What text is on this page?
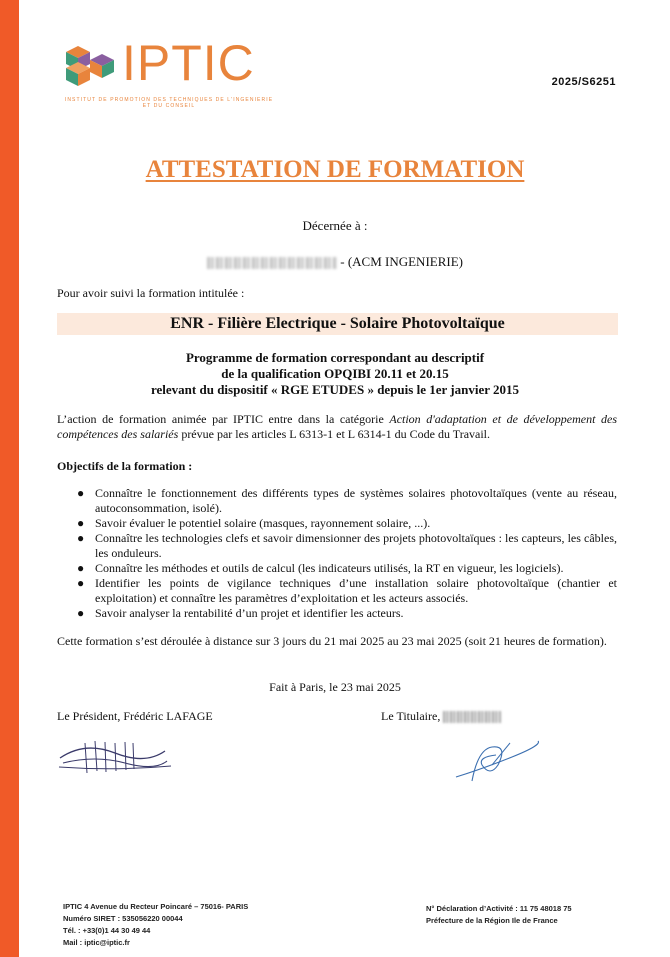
IPTIC
INSTITUT DE PROMOTION DES TECHNIQUES DE L'INGENIERIE ET DU CONSEIL
2025/S6251
ATTESTATION DE FORMATION
Décernée à :
- (ACM INGENIERIE)
Pour avoir suivi la formation intitulée :
ENR - Filière Electrique - Solaire Photovoltaïque
Programme de formation correspondant au descriptif
de la qualification OPQIBI 20.11 et 20.15
relevant du dispositif « RGE ETUDES » depuis le 1er janvier 2015
L’action de formation animée par IPTIC entre dans la catégorie Action d'adaptation et de développement des compétences des salariés prévue par les articles L 6313-1 et L 6314-1 du Code du Travail.
Objectifs de la formation :
● Connaître le fonctionnement des différents types de systèmes solaires photovoltaïques (vente au réseau, autoconsommation, isolé).
● Savoir évaluer le potentiel solaire (masques, rayonnement solaire, ...).
● Connaître les technologies clefs et savoir dimensionner des projets photovoltaïques : les capteurs, les câbles, les onduleurs.
● Connaître les méthodes et outils de calcul (les indicateurs utilisés, la RT en vigueur, les logiciels).
● Identifier les points de vigilance techniques d’une installation solaire photovoltaïque (chantier et exploitation) et connaître les paramètres d’exploitation et les acteurs associés.
● Savoir analyser la rentabilité d’un projet et identifier les acteurs.
Cette formation s’est déroulée à distance sur 3 jours du 21 mai 2025 au 23 mai 2025 (soit 21 heures de formation).
Fait à Paris, le 23 mai 2025
Le Président, Frédéric LAFAGE	Le Titulaire,
IPTIC 4 Avenue du Recteur Poincaré – 75016- PARIS
Numéro SIRET : 535056220 00044
Tél. : +33(0)1 44 30 49 44
Mail : iptic@iptic.fr
N° Déclaration d’Activité : 11 75 48018 75
Préfecture de la Région Ile de France
